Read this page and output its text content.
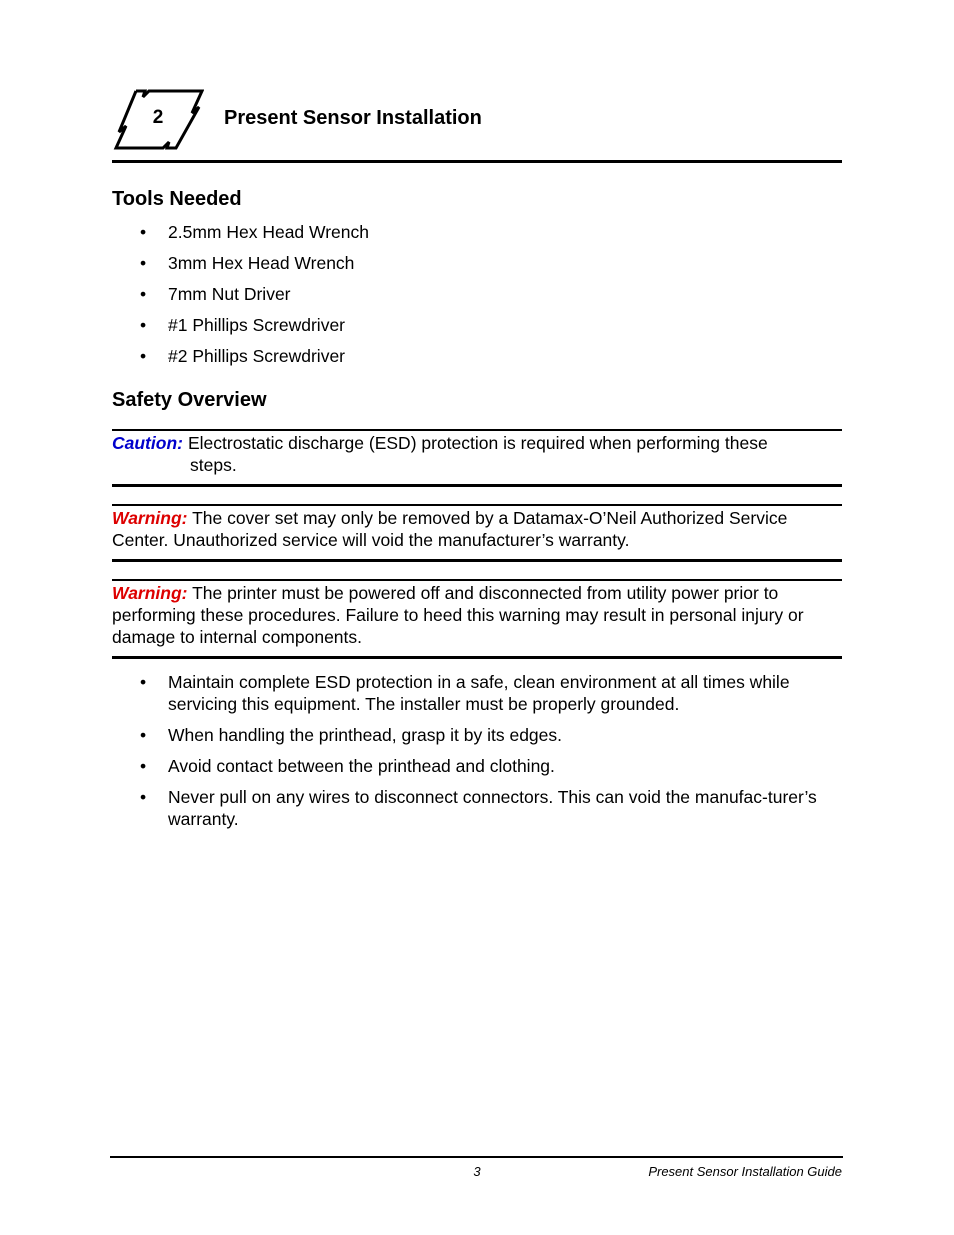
2	Present Sensor Installation
Tools Needed
• 2.5mm Hex Head Wrench
• 3mm Hex Head Wrench
• 7mm Nut Driver
• #1 Phillips Screwdriver
• #2 Phillips Screwdriver
Safety Overview
Caution: Electrostatic discharge (ESD) protection is required when performing these
steps.
Warning: The cover set may only be removed by a Datamax-O’Neil Authorized Service Center. Unauthorized service will void the manufacturer’s warranty.
Warning: The printer must be powered off and disconnected from utility power prior to performing these procedures. Failure to heed this warning may result in personal injury or damage to internal components.
• Maintain complete ESD protection in a safe, clean environment at all times while servicing this equipment. The installer must be properly grounded.
• When handling the printhead, grasp it by its edges.
• Avoid contact between the printhead and clothing.
• Never pull on any wires to disconnect connectors. This can void the manufac-turer’s warranty.
3	Present Sensor Installation Guide
